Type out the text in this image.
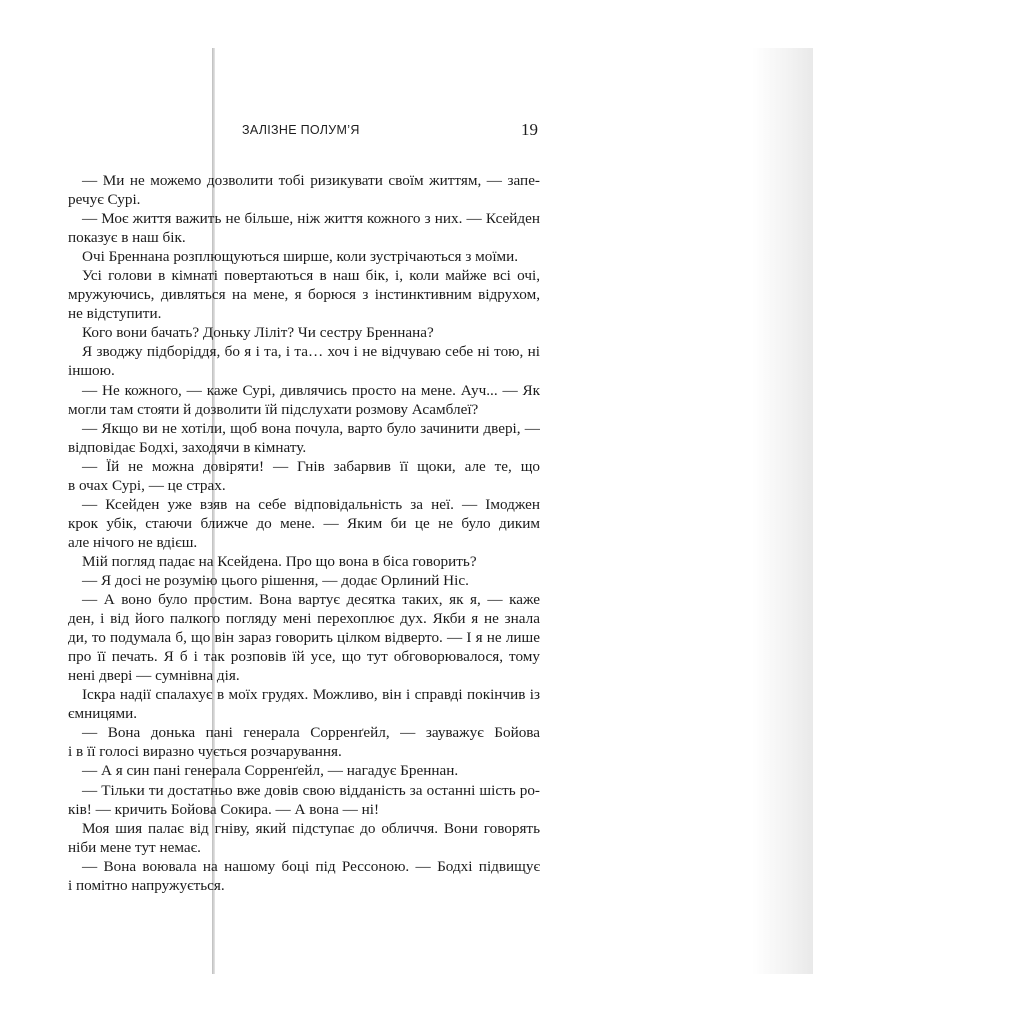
ЗАЛІЗНЕ ПОЛУМ’Я	19
— Ми не можемо дозволити тобі ризикувати своїм життям, — запе-
речує Сурі.
— Моє життя важить не більше, ніж життя кожного з них. — Ксейден
показує в наш бік.
Очі Бреннана розплющуються ширше, коли зустрічаються з моїми.
Усі голови в кімнаті повертаються в наш бік, і, коли майже всі очі,
мружуючись, дивляться на мене, я борюся з інстинктивним відрухом,
не відступити.
Кого вони бачать? Доньку Ліліт? Чи сестру Бреннана?
Я зводжу підборіддя, бо я і та, і та… хоч і не відчуваю себе ні тою, ні
іншою.
— Не кожного, — каже Сурі, дивлячись просто на мене. Ауч... — Як
могли там стояти й дозволити їй підслухати розмову Асамблеї?
— Якщо ви не хотіли, щоб вона почула, варто було зачинити двері, —
відповідає Бодхі, заходячи в кімнату.
— Їй не можна довіряти! — Гнів забарвив її щоки, але те, що
в очах Сурі, — це страх.
— Ксейден уже взяв на себе відповідальність за неї. — Імоджен
крок убік, стаючи ближче до мене. — Яким би це не було диким
але нічого не вдієш.
Мій погляд падає на Ксейдена. Про що вона в біса говорить?
— Я досі не розумію цього рішення, — додає Орлиний Ніс.
— А воно було простим. Вона вартує десятка таких, як я, — каже
ден, і від його палкого погляду мені перехоплює дух. Якби я не знала
ди, то подумала б, що він зараз говорить цілком відверто. — І я не лише
про її печать. Я б і так розповів їй усе, що тут обговорювалося, тому
нені двері — сумнівна дія.
Іскра надії спалахує в моїх грудях. Можливо, він і справді покінчив із
ємницями.
— Вона донька пані генерала Сорренґейл, — зауважує Бойова
і в її голосі виразно чується розчарування.
— А я син пані генерала Сорренґейл, — нагадує Бреннан.
— Тільки ти достатньо вже довів свою відданість за останні шість ро-
ків! — кричить Бойова Сокира. — А вона — ні!
Моя шия палає від гніву, який підступає до обличчя. Вони говорять
ніби мене тут немає.
— Вона воювала на нашому боці під Рессоною. — Бодхі підвищує
і помітно напружується.
